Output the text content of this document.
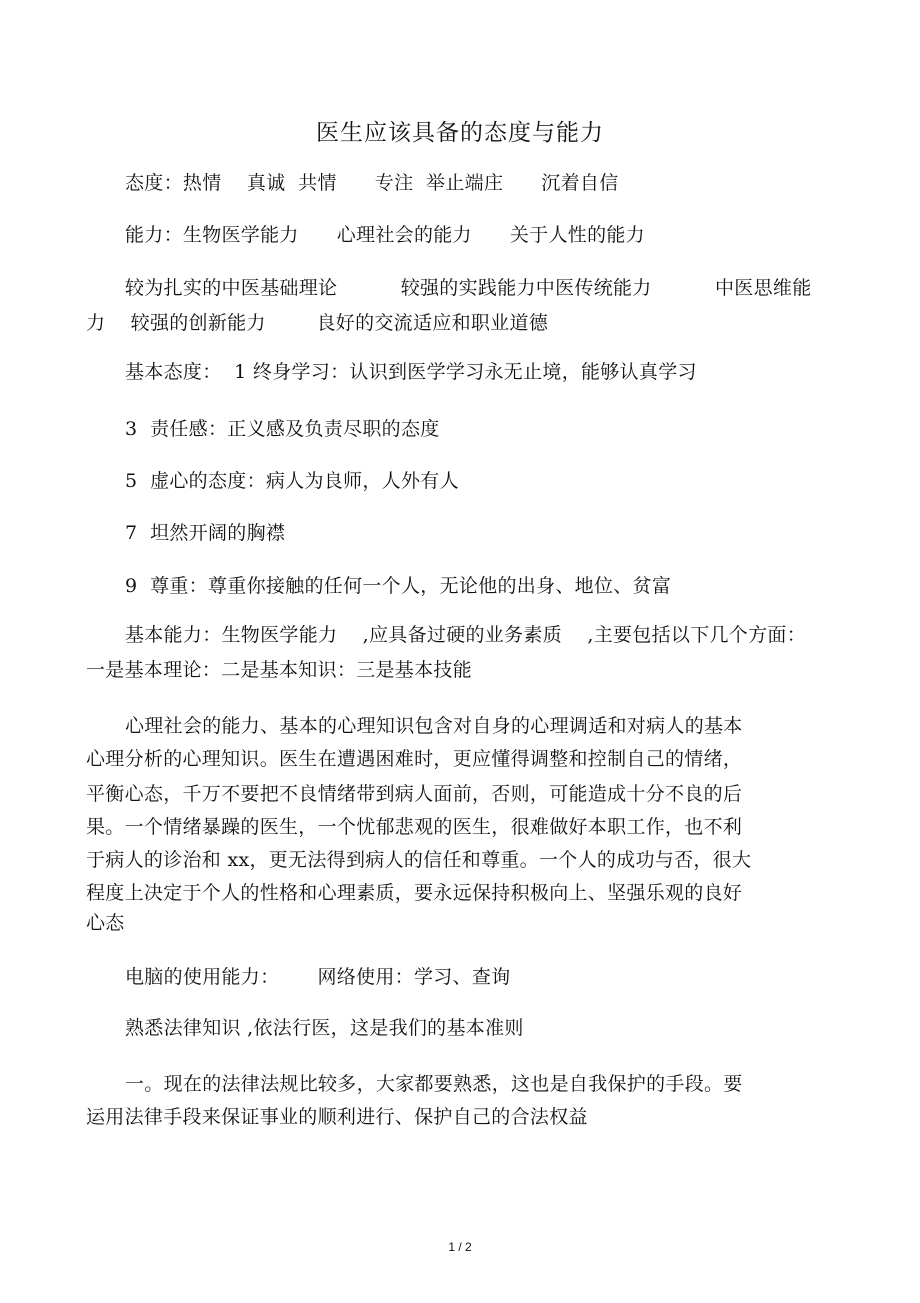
医生应该具备的态度与能力
态度：热情    真诚  共情      专注  举止端庄      沉着自信
能力：生物医学能力      心理社会的能力      关于人性的能力
较为扎实的中医基础理论          较强的实践能力中医传统能力          中医思维能
力    较强的创新能力        良好的交流适应和职业道德
基本态度：  1 终身学习：认识到医学学习永无止境，能够认真学习
3  责任感：正义感及负责尽职的态度
5  虚心的态度：病人为良师，人外有人
7  坦然开阔的胸襟
9  尊重：尊重你接触的任何一个人，无论他的出身、地位、贫富
基本能力：生物医学能力    ,应具备过硬的业务素质    ,主要包括以下几个方面：
一是基本理论：二是基本知识：三是基本技能
心理社会的能力、基本的心理知识包含对自身的心理调适和对病人的基本
心理分析的心理知识。医生在遭遇困难时，更应懂得调整和控制自己的情绪，
平衡心态，千万不要把不良情绪带到病人面前，否则，可能造成十分不良的后
果。一个情绪暴躁的医生，一个忧郁悲观的医生，很难做好本职工作，也不利
于病人的诊治和 xx，更无法得到病人的信任和尊重。一个人的成功与否，很大
程度上决定于个人的性格和心理素质，要永远保持积极向上、坚强乐观的良好
心态
电脑的使用能力：      网络使用：学习、查询
熟悉法律知识 ,依法行医，这是我们的基本准则
一。现在的法律法规比较多，大家都要熟悉，这也是自我保护的手段。要
运用法律手段来保证事业的顺利进行、保护自己的合法权益
1 / 2
